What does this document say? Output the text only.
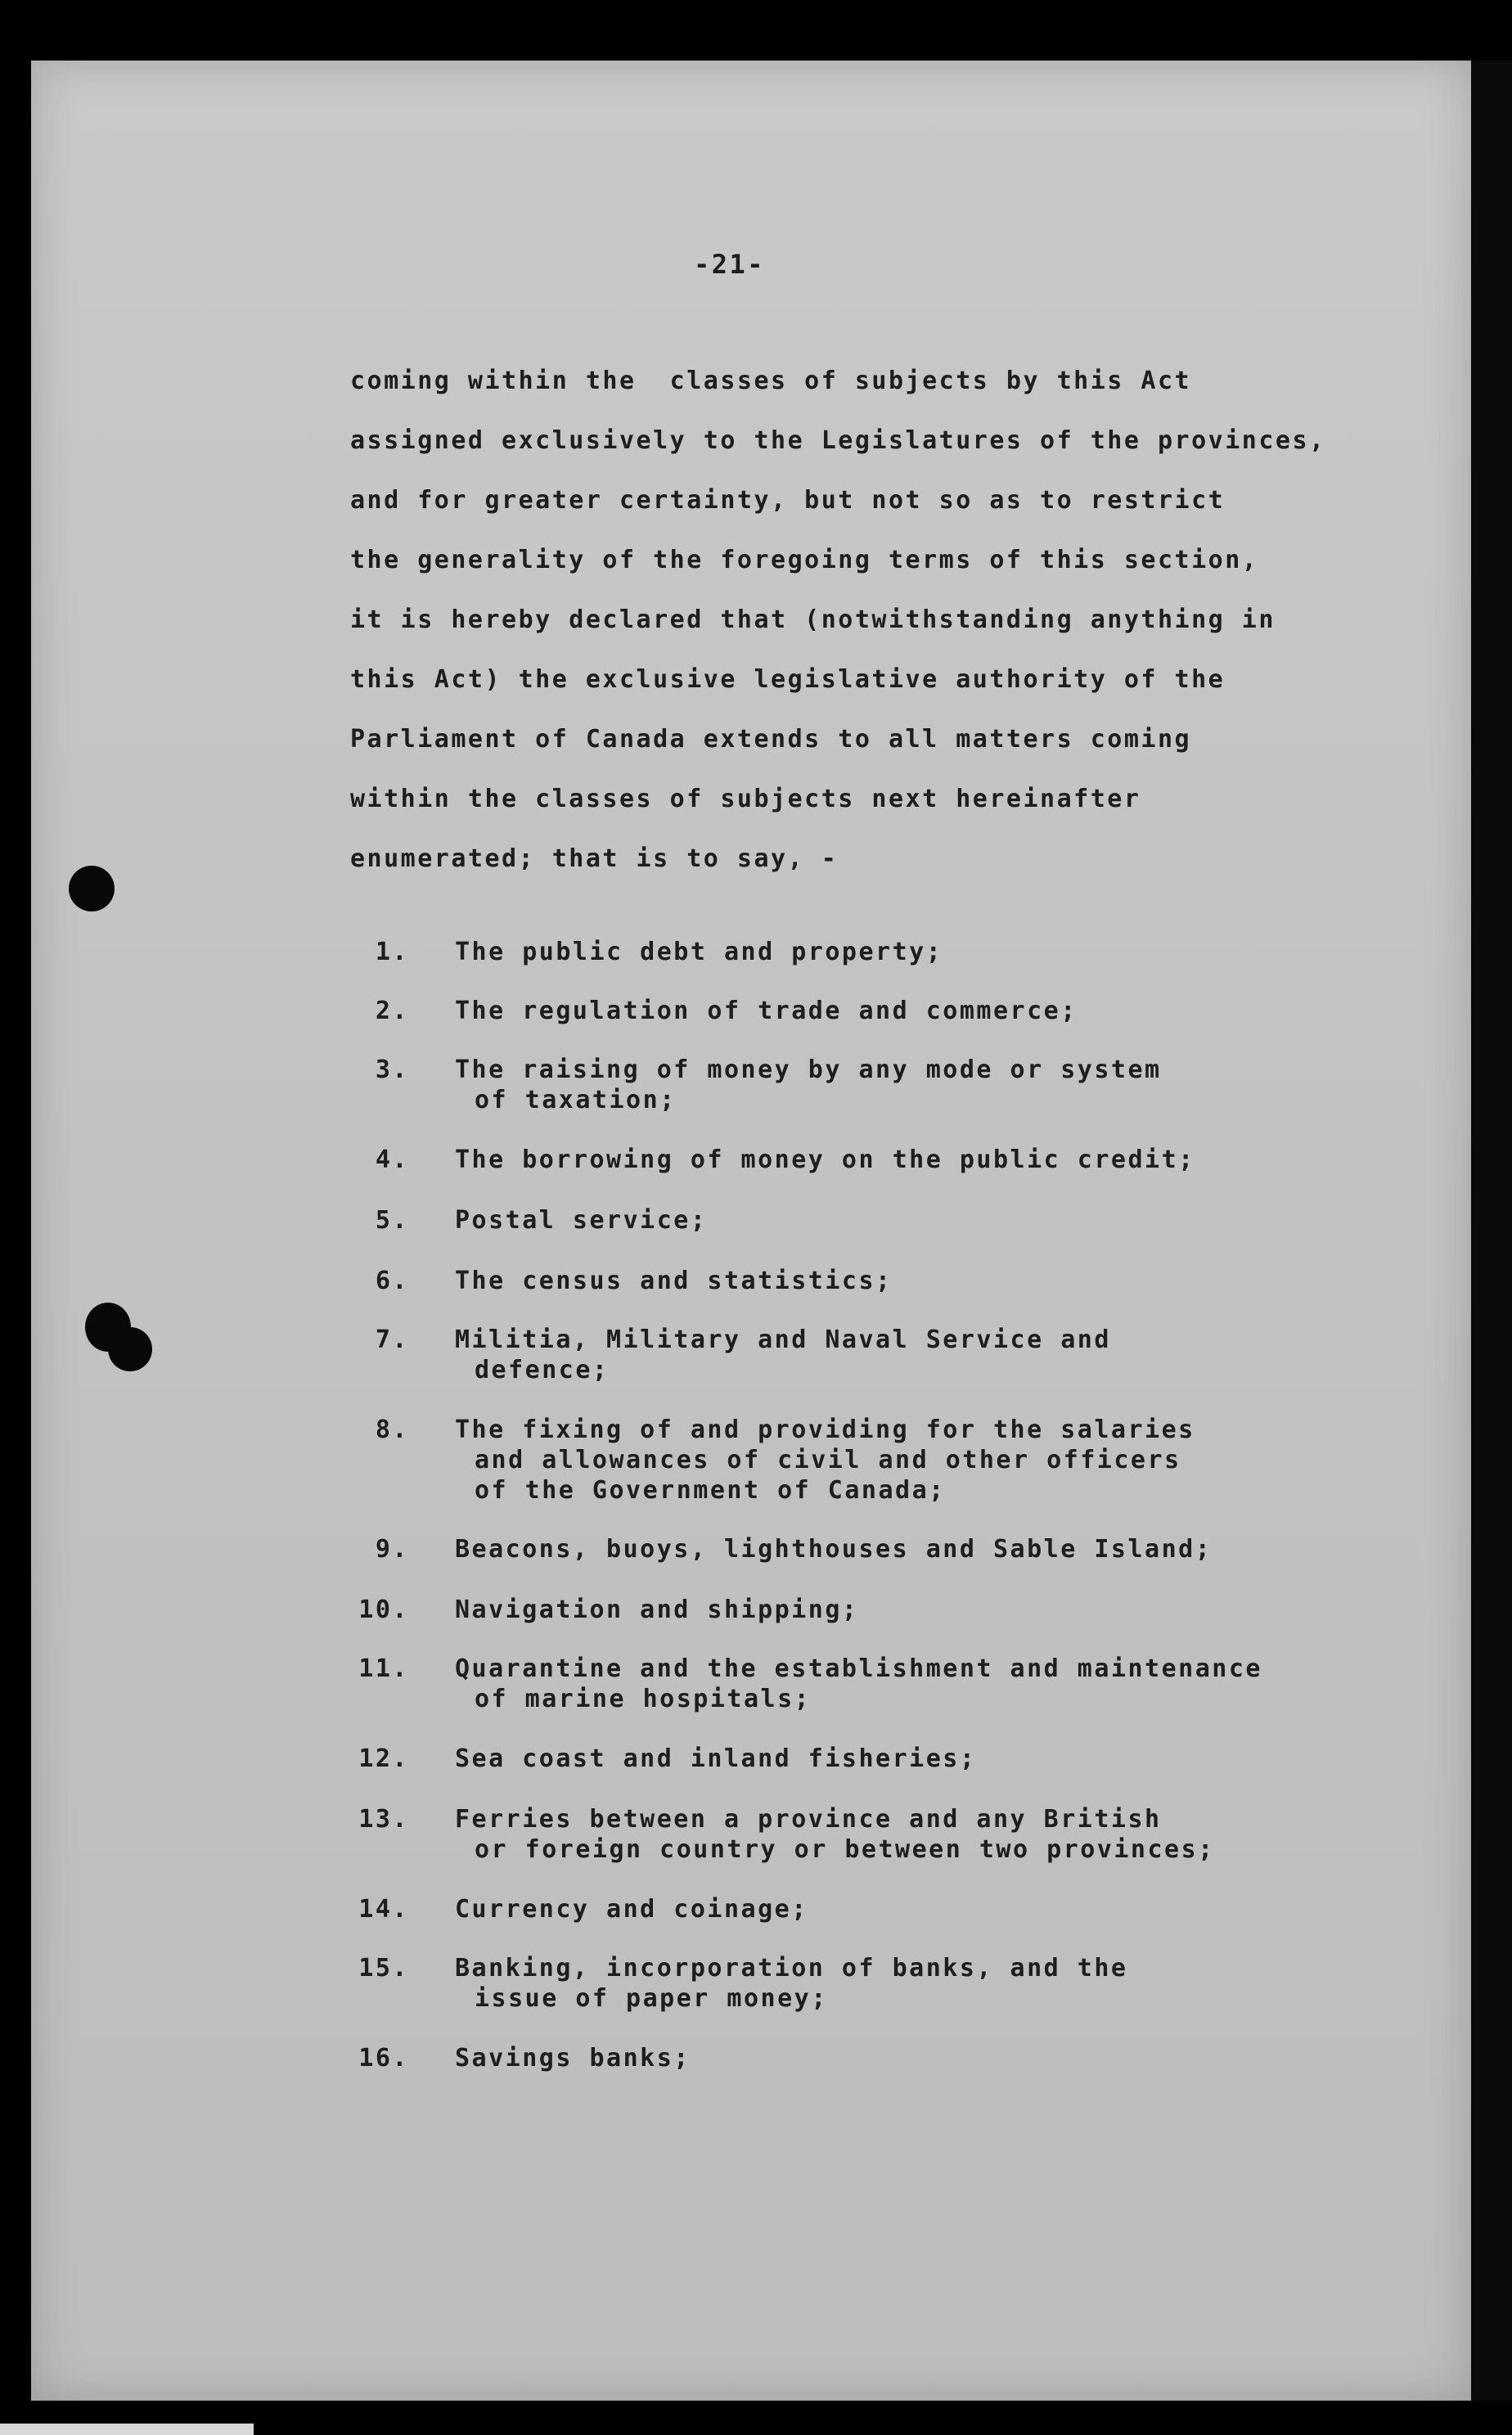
-21-
coming within the  classes of subjects by this Act
assigned exclusively to the Legislatures of the provinces,
and for greater certainty, but not so as to restrict
the generality of the foregoing terms of this section,
it is hereby declared that (notwithstanding anything in
this Act) the exclusive legislative authority of the
Parliament of Canada extends to all matters coming
within the classes of subjects next hereinafter
enumerated; that is to say, -
1. The public debt and property;
2. The regulation of trade and commerce;
3. The raising of money by any mode or system
of taxation;
4. The borrowing of money on the public credit;
5. Postal service;
6. The census and statistics;
7. Militia, Military and Naval Service and
defence;
8. The fixing of and providing for the salaries
and allowances of civil and other officers
of the Government of Canada;
9. Beacons, buoys, lighthouses and Sable Island;
10. Navigation and shipping;
11. Quarantine and the establishment and maintenance
of marine hospitals;
12. Sea coast and inland fisheries;
13. Ferries between a province and any British
or foreign country or between two provinces;
14. Currency and coinage;
15. Banking, incorporation of banks, and the
issue of paper money;
16. Savings banks;
